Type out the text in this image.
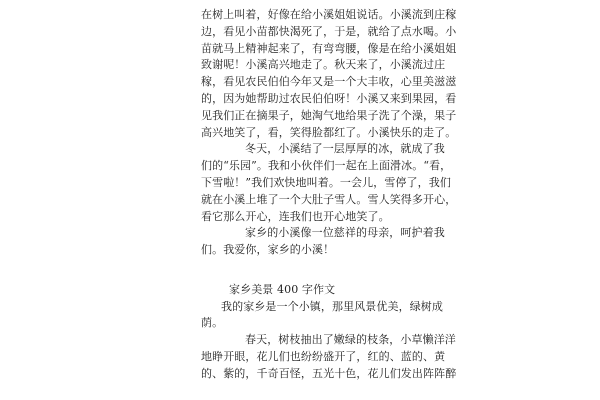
在树上叫着，好像在给小溪姐姐说话。小溪流到庄稼
边，看见小苗都快渴死了，于是，就给了点水喝。小
苗就马上精神起来了，有弯弯腰，像是在给小溪姐姐
致谢呢！小溪高兴地走了。秋天来了，小溪流过庄
稼，看见农民伯伯今年又是一个大丰收，心里美滋滋
的，因为她帮助过农民伯伯呀！小溪又来到果园，看
见我们正在摘果子，她淘气地给果子洗了个澡，果子
高兴地笑了，看，笑得脸都红了。小溪快乐的走了。
冬天，小溪结了一层厚厚的冰，就成了我
们的“乐园”。我和小伙伴们一起在上面滑冰。“看，
下雪啦！”我们欢快地叫着。一会儿，雪停了，我们
就在小溪上堆了一个大肚子雪人。雪人笑得多开心，
看它那么开心，连我们也开心地笑了。
家乡的小溪像一位慈祥的母亲，呵护着我
们。我爱你，家乡的小溪！
家乡美景 400 字作文
我的家乡是一个小镇，那里风景优美，绿树成
荫。
春天，树枝抽出了嫩绿的枝条，小草懒洋洋
地睁开眼，花儿们也纷纷盛开了，红的、蓝的、黄
的、紫的，千奇百怪，五光十色，花儿们发出阵阵醉
